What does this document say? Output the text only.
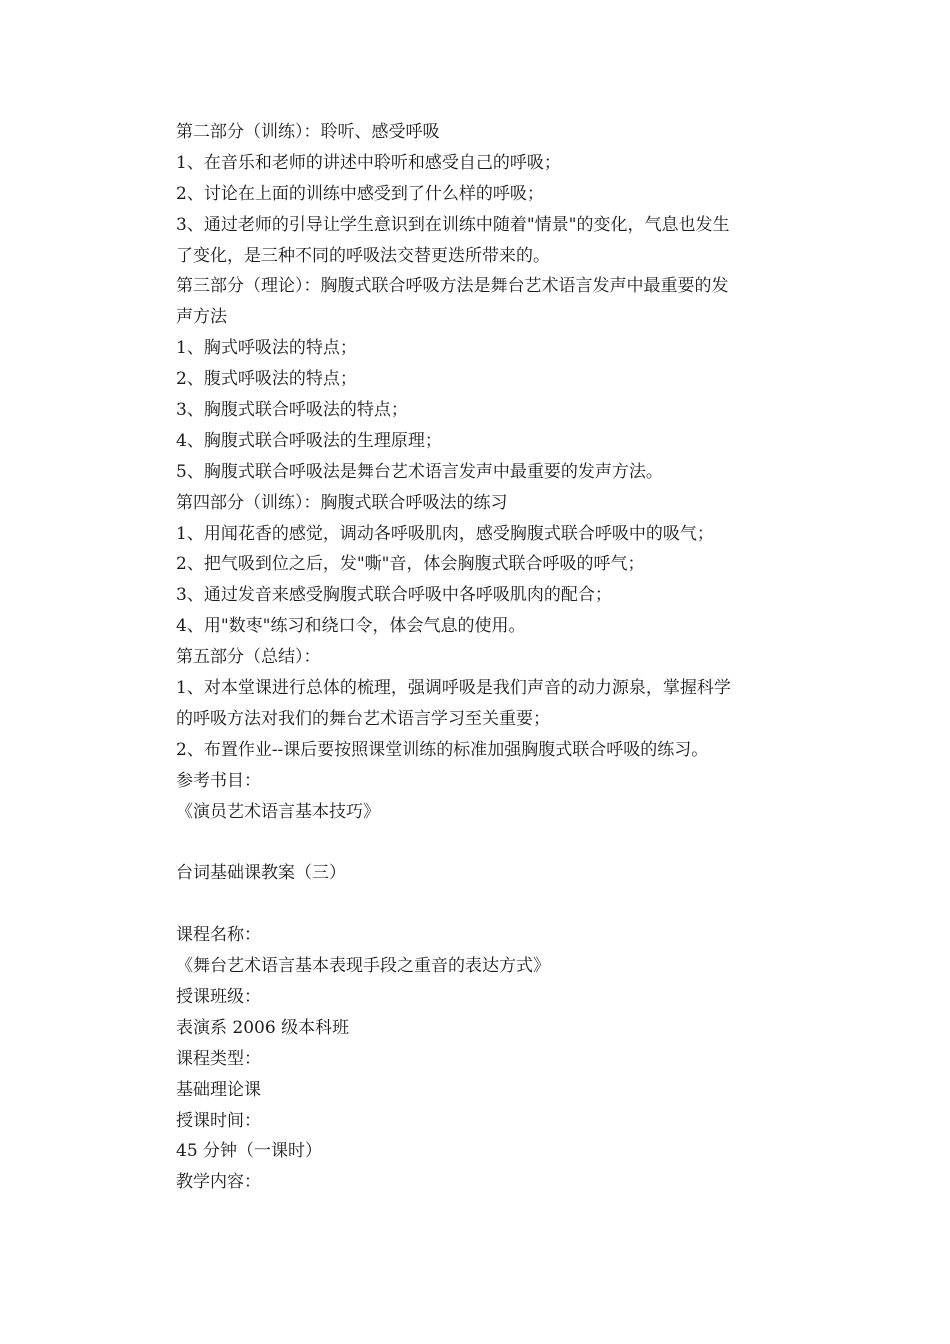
第二部分（训练）：聆听、感受呼吸
1、在音乐和老师的讲述中聆听和感受自己的呼吸；
2、讨论在上面的训练中感受到了什么样的呼吸；
3、通过老师的引导让学生意识到在训练中随着"情景"的变化，气息也发生
了变化，是三种不同的呼吸法交替更迭所带来的。
第三部分（理论）：胸腹式联合呼吸方法是舞台艺术语言发声中最重要的发
声方法
1、胸式呼吸法的特点；
2、腹式呼吸法的特点；
3、胸腹式联合呼吸法的特点；
4、胸腹式联合呼吸法的生理原理；
5、胸腹式联合呼吸法是舞台艺术语言发声中最重要的发声方法。
第四部分（训练）：胸腹式联合呼吸法的练习
1、用闻花香的感觉，调动各呼吸肌肉，感受胸腹式联合呼吸中的吸气；
2、把气吸到位之后，发"嘶"音，体会胸腹式联合呼吸的呼气；
3、通过发音来感受胸腹式联合呼吸中各呼吸肌肉的配合；
4、用"数枣"练习和绕口令，体会气息的使用。
第五部分（总结）：
1、对本堂课进行总体的梳理，强调呼吸是我们声音的动力源泉，掌握科学
的呼吸方法对我们的舞台艺术语言学习至关重要；
2、布置作业--课后要按照课堂训练的标准加强胸腹式联合呼吸的练习。
参考书目：
《演员艺术语言基本技巧》
台词基础课教案（三）
课程名称：
《舞台艺术语言基本表现手段之重音的表达方式》
授课班级：
表演系 2006 级本科班
课程类型：
基础理论课
授课时间：
45 分钟（一课时）
教学内容：
